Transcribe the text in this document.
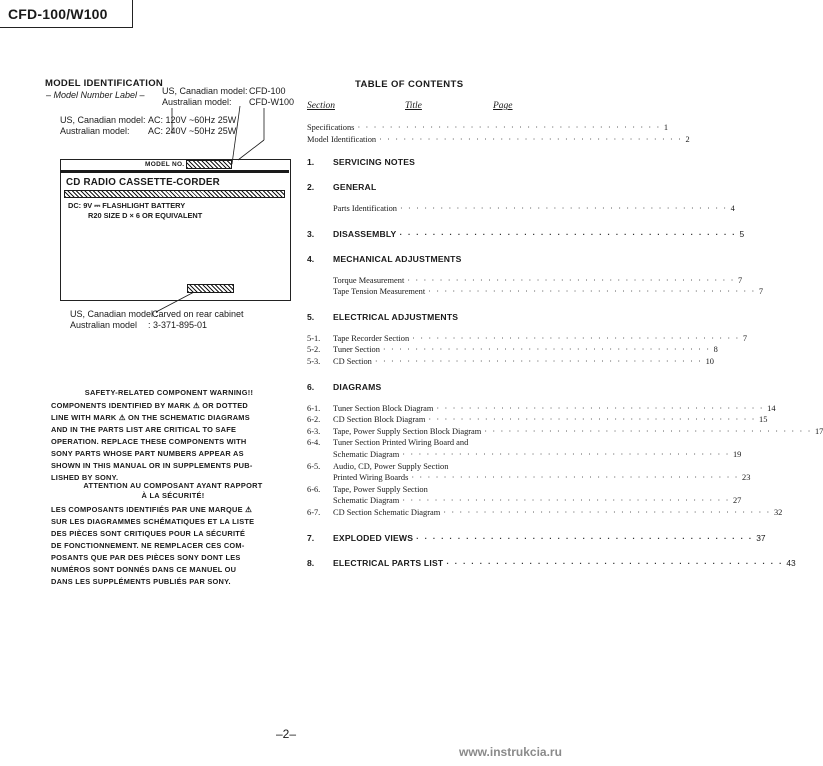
CFD-100/W100
MODEL IDENTIFICATION
– Model Number Label – US, Canadian model: CFD-100
Australian model: CFD-W100
US, Canadian model: AC: 120V ~60Hz 25W
Australian model: AC: 240V ~50Hz 25W
MODEL NO.
CD RADIO CASSETTE-CORDER
DC: 9V ⎓ FLASHLIGHT BATTERY
R20 SIZE D × 6 OR EQUIVALENT
US, Canadian model :
Carved on rear cabinet
Australian model : 3-371-895-01
SAFETY-RELATED COMPONENT WARNING!!
COMPONENTS IDENTIFIED BY MARK ⚠ OR DOTTED
LINE WITH MARK ⚠ ON THE SCHEMATIC DIAGRAMS
AND IN THE PARTS LIST ARE CRITICAL TO SAFE
OPERATION. REPLACE THESE COMPONENTS WITH
SONY PARTS WHOSE PART NUMBERS APPEAR AS
SHOWN IN THIS MANUAL OR IN SUPPLEMENTS PUB-
LISHED BY SONY.
ATTENTION AU COMPOSANT AYANT RAPPORT
À LA SÉCURITÉ!
LES COMPOSANTS IDENTIFIÉS PAR UNE MARQUE ⚠
SUR LES DIAGRAMMES SCHÉMATIQUES ET LA LISTE
DES PIÈCES SONT CRITIQUES POUR LA SÉCURITÉ
DE FONCTIONNEMENT. NE REMPLACER CES COM-
POSANTS QUE PAR DES PIÈCES SONY DONT LES
NUMÉROS SONT DONNÉS DANS CE MANUEL OU
DANS LES SUPPLÉMENTS PUBLIÉS PAR SONY.
TABLE OF CONTENTS
Section	Title	Page
Specifications · · · · · · · · · · · · · · · · · · · · · · · · · · · · · · · · · · · · · · 1
Model Identification · · · · · · · · · · · · · · · · · · · · · · · · · · · · · · · · · · · · · · 2
1. SERVICING NOTES
2. GENERAL
Parts Identification · · · · · · · · · · · · · · · · · · · · · · · · · · · · · · · · · · · · · · · · · 4
3. DISASSEMBLY · · · · · · · · · · · · · · · · · · · · · · · · · · · · · · · · · · · · · · · · · 5
4. MECHANICAL ADJUSTMENTS
Torque Measurement · · · · · · · · · · · · · · · · · · · · · · · · · · · · · · · · · · · · · · · · · 7
Tape Tension Measurement · · · · · · · · · · · · · · · · · · · · · · · · · · · · · · · · · · · · · · · · · 7
5. ELECTRICAL ADJUSTMENTS
5-1. Tape Recorder Section · · · · · · · · · · · · · · · · · · · · · · · · · · · · · · · · · · · · · · · · · 7
5-2. Tuner Section · · · · · · · · · · · · · · · · · · · · · · · · · · · · · · · · · · · · · · · · · 8
5-3. CD Section · · · · · · · · · · · · · · · · · · · · · · · · · · · · · · · · · · · · · · · · · 10
6. DIAGRAMS
6-1. Tuner Section Block Diagram · · · · · · · · · · · · · · · · · · · · · · · · · · · · · · · · · · · · · · · · · 14
6-2. CD Section Block Diagram · · · · · · · · · · · · · · · · · · · · · · · · · · · · · · · · · · · · · · · · · 15
6-3. Tape, Power Supply Section Block Diagram · · · · · · · · · · · · · · · · · · · · · · · · · · · · · · · · · · · · · · · · · 17
6-4. Tuner Section Printed Wiring Board and
Schematic Diagram · · · · · · · · · · · · · · · · · · · · · · · · · · · · · · · · · · · · · · · · · 19
6-5. Audio, CD, Power Supply Section
Printed Wiring Boards · · · · · · · · · · · · · · · · · · · · · · · · · · · · · · · · · · · · · · · · · 23
6-6. Tape, Power Supply Section
Schematic Diagram · · · · · · · · · · · · · · · · · · · · · · · · · · · · · · · · · · · · · · · · · 27
6-7. CD Section Schematic Diagram · · · · · · · · · · · · · · · · · · · · · · · · · · · · · · · · · · · · · · · · · 32
7. EXPLODED VIEWS · · · · · · · · · · · · · · · · · · · · · · · · · · · · · · · · · · · · · · · · · 37
8. ELECTRICAL PARTS LIST · · · · · · · · · · · · · · · · · · · · · · · · · · · · · · · · · · · · · · · · · 43
–2–
www.instrukcia.ru
